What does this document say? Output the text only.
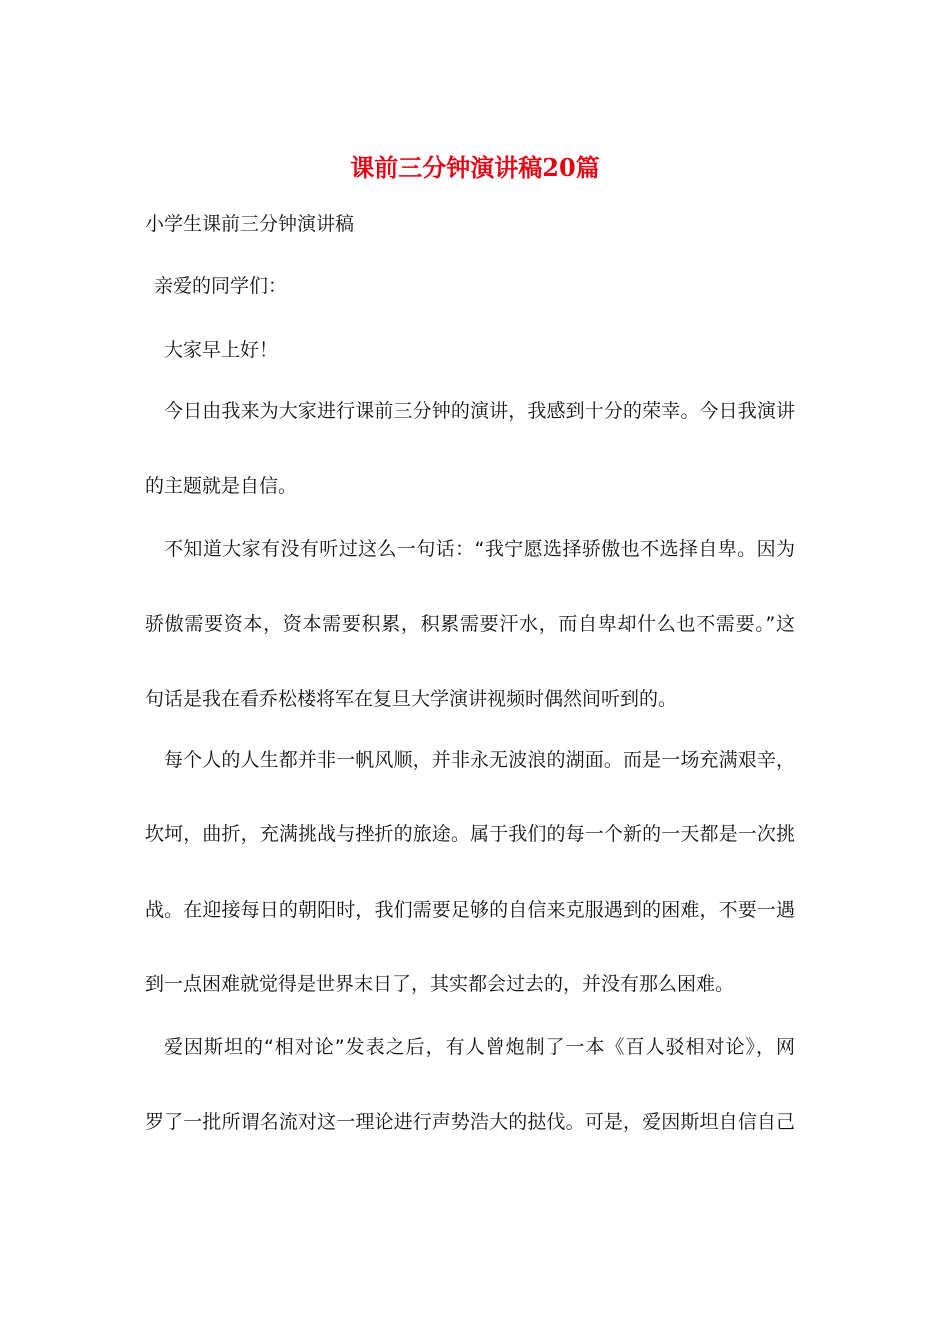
课前三分钟演讲稿20篇

小学生课前三分钟演讲稿

亲爱的同学们：

大家早上好！

今日由我来为大家进行课前三分钟的演讲，我感到十分的荣幸。今日我演讲

的主题就是自信。

不知道大家有没有听过这么一句话：“我宁愿选择骄傲也不选择自卑。因为

骄傲需要资本，资本需要积累，积累需要汗水，而自卑却什么也不需要。”这

句话是我在看乔松楼将军在复旦大学演讲视频时偶然间听到的。

每个人的人生都并非一帆风顺，并非永无波浪的湖面。而是一场充满艰辛，

坎坷，曲折，充满挑战与挫折的旅途。属于我们的每一个新的一天都是一次挑

战。在迎接每日的朝阳时，我们需要足够的自信来克服遇到的困难，不要一遇

到一点困难就觉得是世界末日了，其实都会过去的，并没有那么困难。

爱因斯坦的“相对论”发表之后，有人曾炮制了一本《百人驳相对论》，网

罗了一批所谓名流对这一理论进行声势浩大的挞伐。可是，爱因斯坦自信自己
